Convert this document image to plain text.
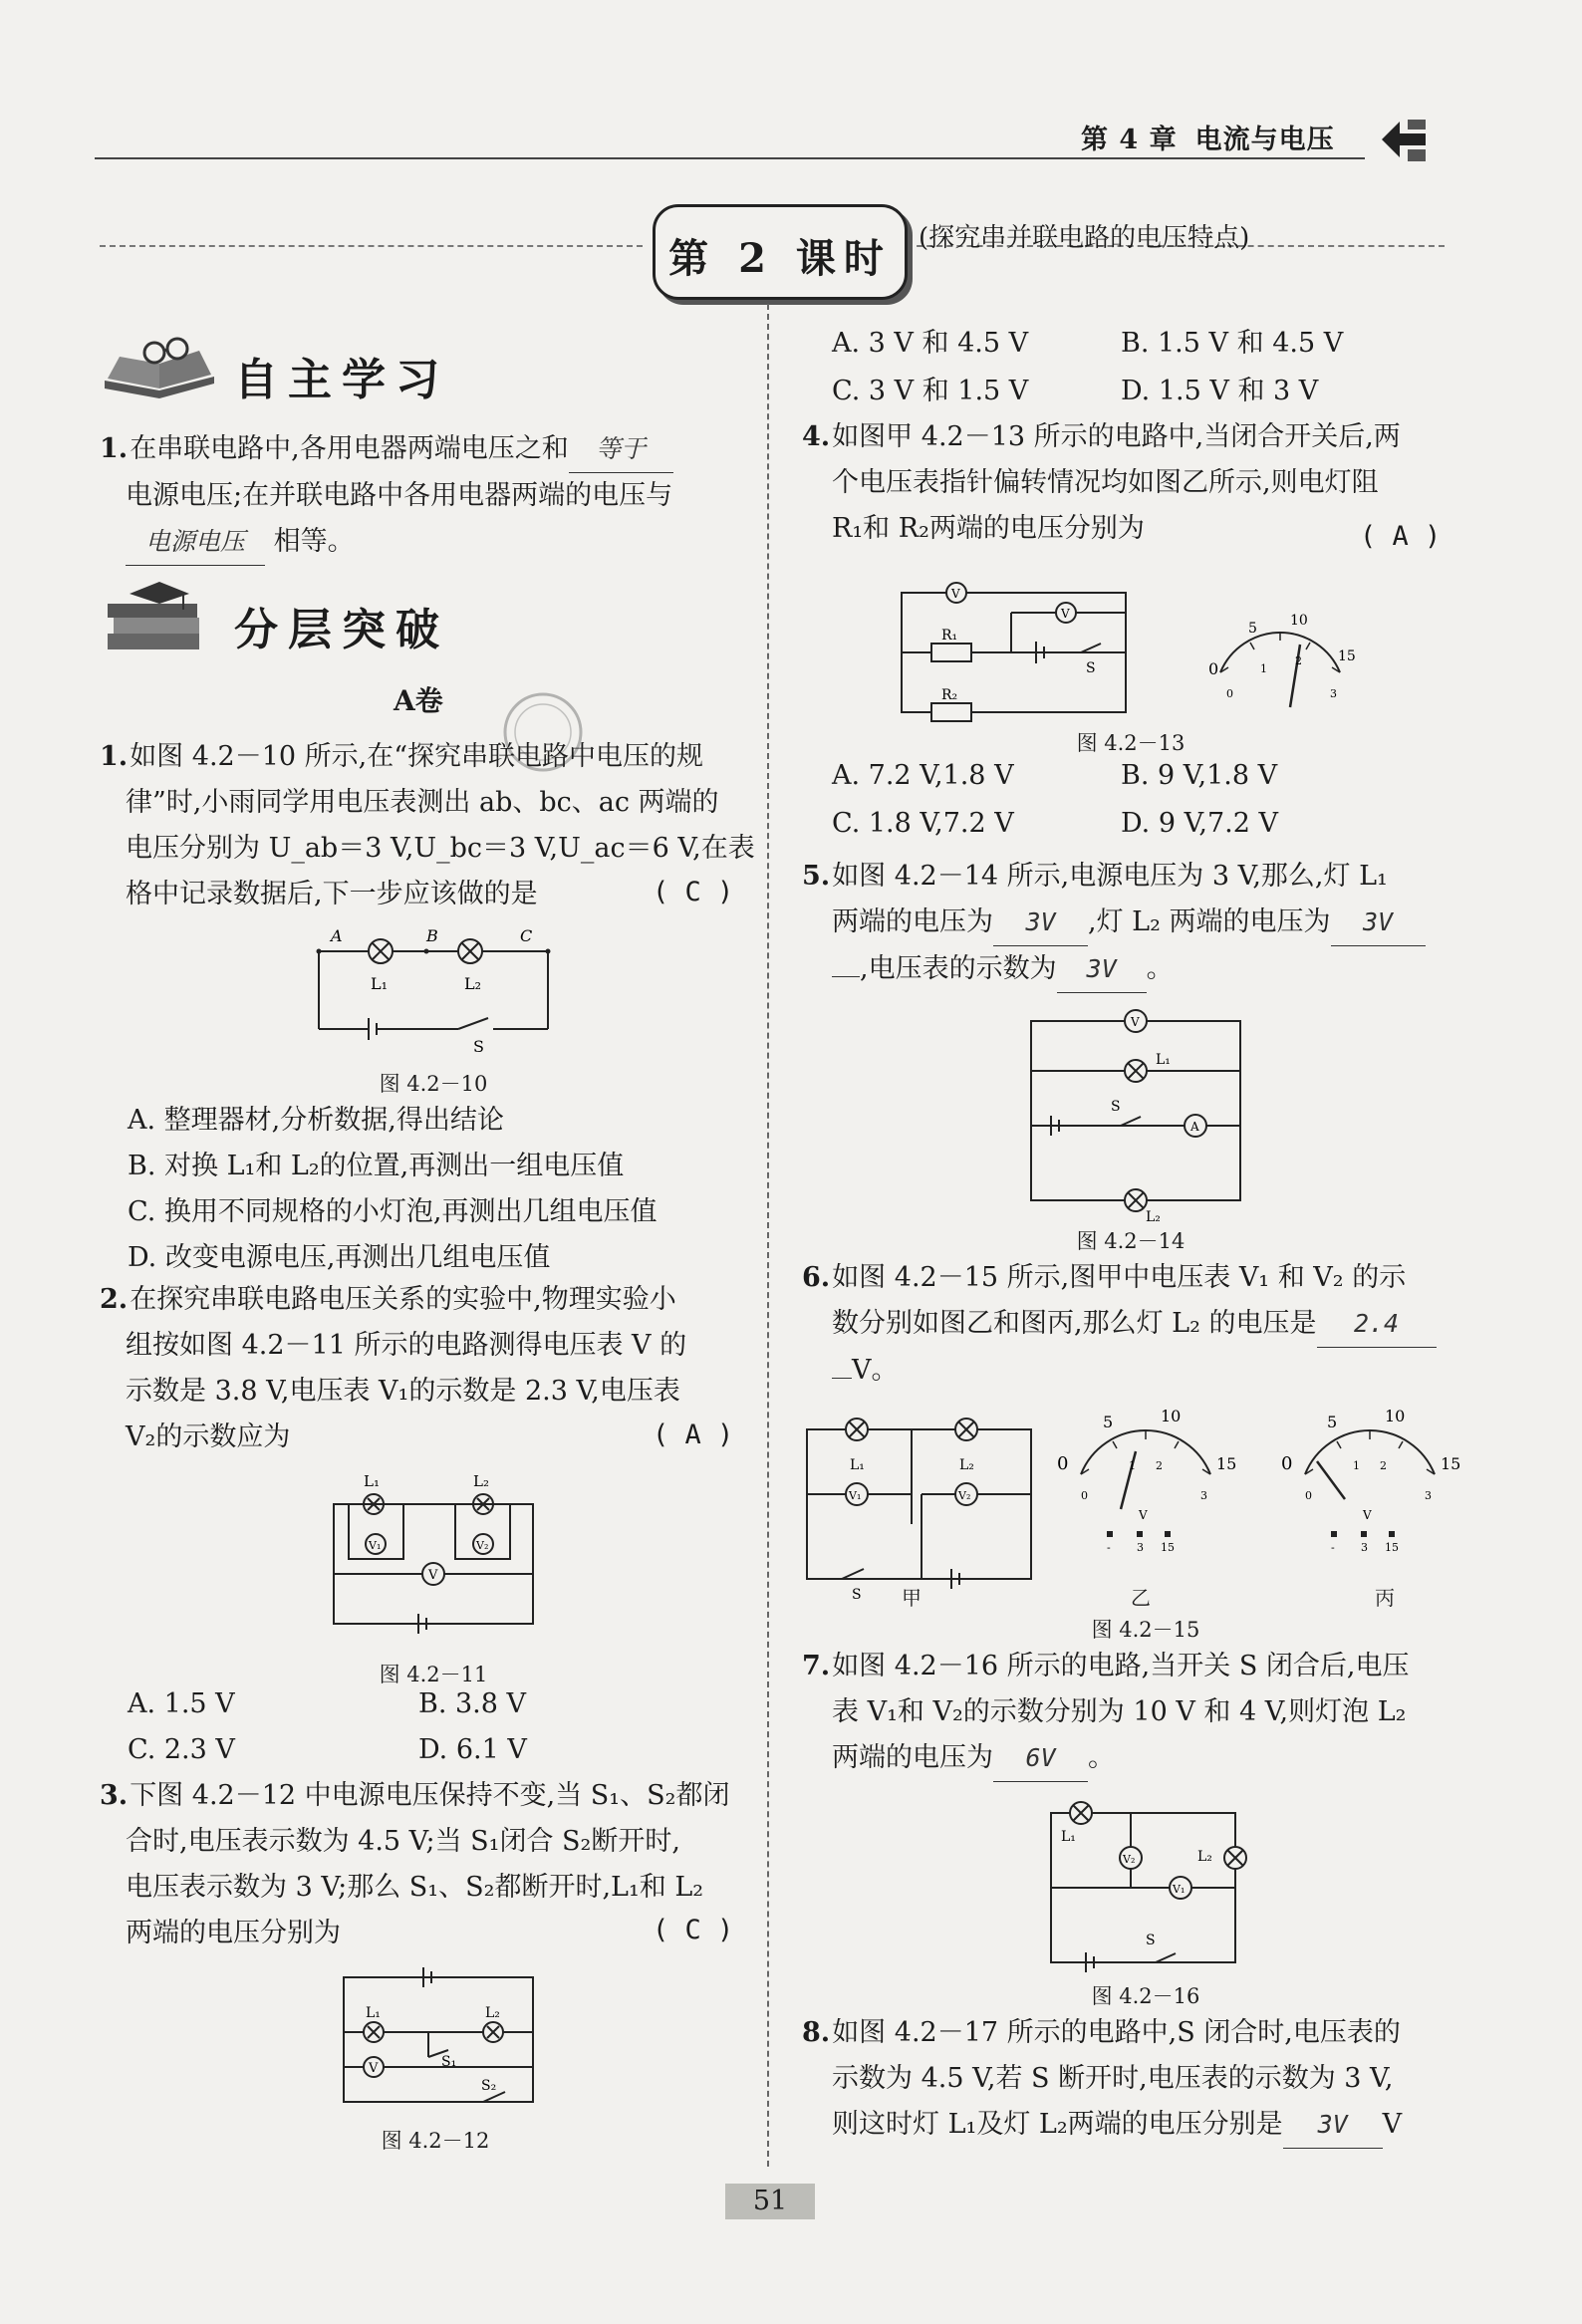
第 4 章 电流与电压
第 2 课时	(探究串并联电路的电压特点)
自主学习
1.在串联电路中,各用电器两端电压之和 等于
电源电压;在并联电路中各用电器两端的电压与
电源电压 相等。
分层突破
A卷
1.如图 4.2－10 所示,在“探究串联电路中电压的规
律”时,小雨同学用电压表测出 ab、bc、ac 两端的
电压分别为 U_ab＝3 V,U_bc＝3 V,U_ac＝6 V,在表
格中记录数据后,下一步应该做的是	( C )
A	B	C
L₁	L₂
S
图 4.2－10
A. 整理器材,分析数据,得出结论
B. 对换 L₁和 L₂的位置,再测出一组电压值
C. 换用不同规格的小灯泡,再测出几组电压值
D. 改变电源电压,再测出几组电压值
2.在探究串联电路电压关系的实验中,物理实验小
组按如图 4.2－11 所示的电路测得电压表 V 的
示数是 3.8 V,电压表 V₁的示数是 2.3 V,电压表
V₂的示数应为	( A )
L₁	L₂
V₁	V₂
V
图 4.2－11
A. 1.5 V	B. 3.8 V
C. 2.3 V	D. 6.1 V
3.下图 4.2－12 中电源电压保持不变,当 S₁、S₂都闭
合时,电压表示数为 4.5 V;当 S₁闭合 S₂断开时,
电压表示数为 3 V;那么 S₁、S₂都断开时,L₁和 L₂
两端的电压分别为	( C )
L₁	L₂
V	S₁
S₂
图 4.2－12
A. 3 V 和 4.5 V	B. 1.5 V 和 4.5 V
C. 3 V 和 1.5 V	D. 1.5 V 和 3 V
4.如图甲 4.2－13 所示的电路中,当闭合开关后,两
个电压表指针偏转情况均如图乙所示,则电灯阻
R₁和 R₂两端的电压分别为	( A )
V
V
R₁
R₂
S	0
5 10
15
0
1
2
3
图 4.2－13
A. 7.2 V,1.8 V	B. 9 V,1.8 V
C. 1.8 V,7.2 V	D. 9 V,7.2 V
5.如图 4.2－14 所示,电源电压为 3 V,那么,灯 L₁
两端的电压为 3V ,灯 L₂ 两端的电压为 3V
,电压表的示数为 3V 。
V
L₁
S
A
L₂
图 4.2－14
6.如图 4.2－15 所示,图甲中电压表 V₁ 和 V₂ 的示
数分别如图乙和图丙,那么灯 L₂ 的电压是 2.4
V。
L₁	L₂
V₁	V₂
S	甲
0
5	10
15
0
1 2
3
V
- 3 15
乙
0
5	10
15
0
1 2
3
V
- 3 15
丙
图 4.2－15
7.如图 4.2－16 所示的电路,当开关 S 闭合后,电压
表 V₁和 V₂的示数分别为 10 V 和 4 V,则灯泡 L₂
两端的电压为 6V 。
L₁
L₂
V₂
V₁
S
图 4.2－16
8.如图 4.2－17 所示的电路中,S 闭合时,电压表的
示数为 4.5 V,若 S 断开时,电压表的示数为 3 V,
则这时灯 L₁及灯 L₂两端的电压分别是 3V V
51
